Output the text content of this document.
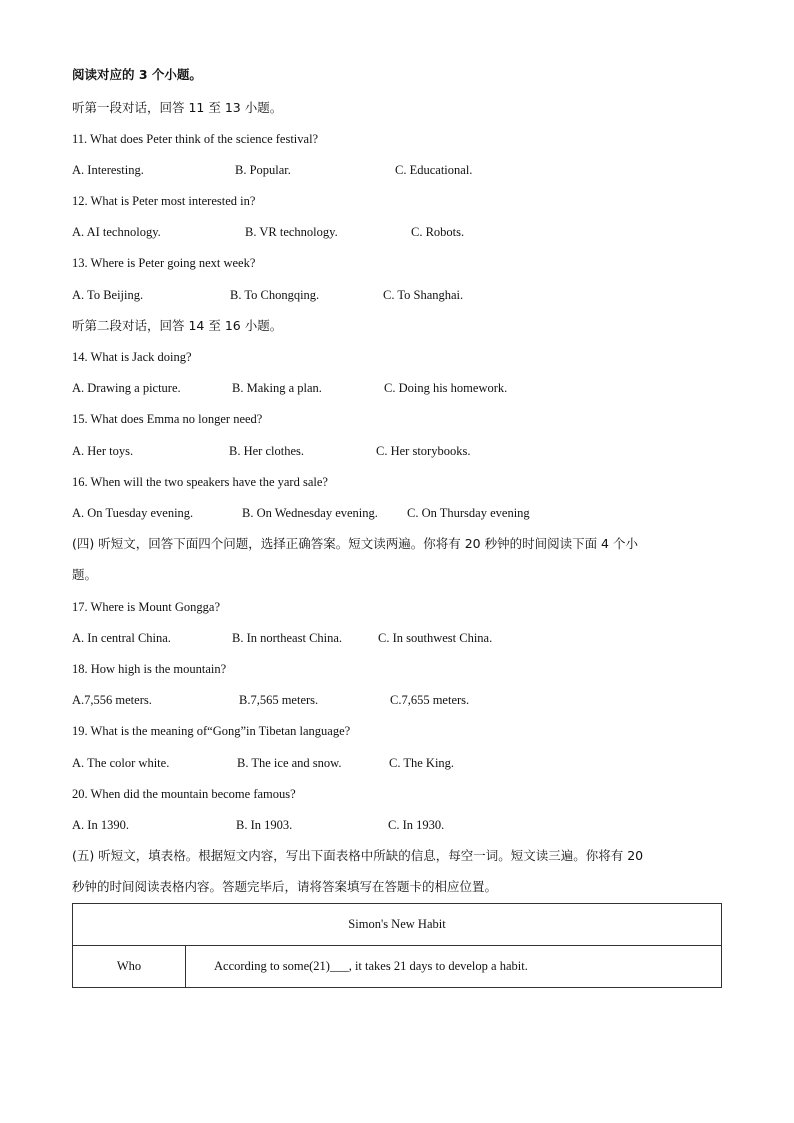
阅读对应的 3 个小题。
听第一段对话，回答 11 至 13 小题。
11. What does Peter think of the science festival?
A. Interesting.	B. Popular.	C. Educational.
12. What is Peter most interested in?
A. AI technology.	B. VR technology.	C. Robots.
13. Where is Peter going next week?
A. To Beijing.	B. To Chongqing.	C. To Shanghai.
听第二段对话，回答 14 至 16 小题。
14. What is Jack doing?
A. Drawing a picture.	B. Making a plan.	C. Doing his homework.
15. What does Emma no longer need?
A. Her toys.	B. Her clothes.	C. Her storybooks.
16. When will the two speakers have the yard sale?
A. On Tuesday evening.	B. On Wednesday evening. C. On Thursday evening
(四) 听短文，回答下面四个问题，选择正确答案。短文读两遍。你将有 20 秒钟的时间阅读下面 4 个小
题。
17. Where is Mount Gongga?
A. In central China.	B. In northeast China.	C. In southwest China.
18. How high is the mountain?
A.7,556 meters.	B.7,565 meters.	C.7,655 meters.
19. What is the meaning of“Gong”in Tibetan language?
A. The color white.	B. The ice and snow.	C. The King.
20. When did the mountain become famous?
A. In 1390.	B. In 1903.	C. In 1930.
(五) 听短文，填表格。根据短文内容，写出下面表格中所缺的信息，每空一词。短文读三遍。你将有 20
秒钟的时间阅读表格内容。答题完毕后，请将答案填写在答题卡的相应位置。
Simon's New Habit
Who	According to some(21)___, it takes 21 days to develop a habit.
